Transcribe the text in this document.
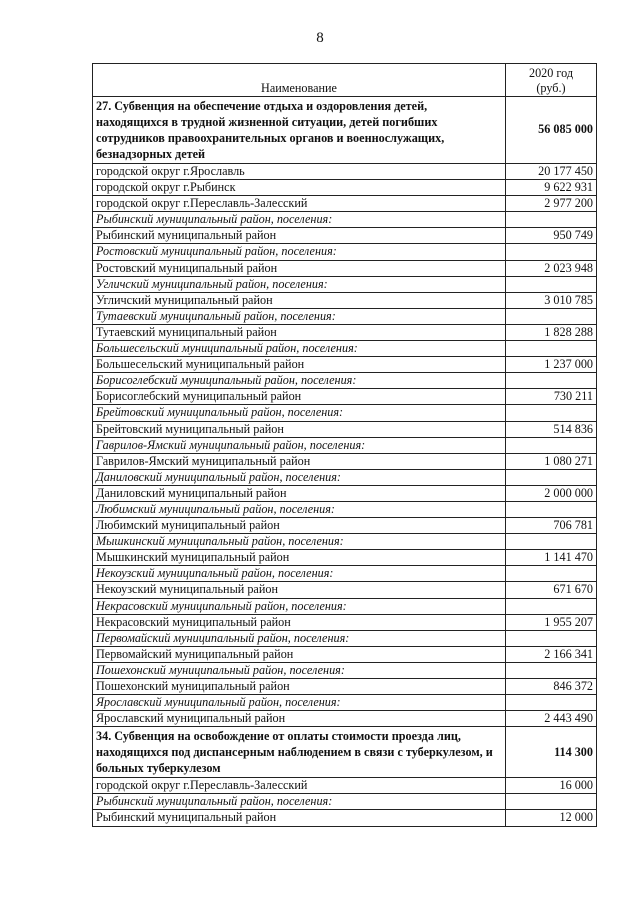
8
Наименование	2020 год
(руб.)
27. Субвенция на обеспечение отдыха и оздоровления детей, находящихся в трудной жизненной ситуации, детей погибших сотрудников правоохранительных органов и военнослужащих, безнадзорных детей	56 085 000
городской округ г.Ярославль	20 177 450
городской округ г.Рыбинск	9 622 931
городской округ г.Переславль-Залесский	2 977 200
Рыбинский муниципальный район, поселения:	
Рыбинский муниципальный район	950 749
Ростовский муниципальный район, поселения:	
Ростовский муниципальный район	2 023 948
Угличский муниципальный район, поселения:	
Угличский муниципальный район	3 010 785
Тутаевский муниципальный район, поселения:	
Тутаевский муниципальный район	1 828 288
Большесельский муниципальный район, поселения:	
Большесельский муниципальный район	1 237 000
Борисоглебский муниципальный район, поселения:	
Борисоглебский муниципальный район	730 211
Брейтовский муниципальный район, поселения:	
Брейтовский муниципальный район	514 836
Гаврилов-Ямский муниципальный район, поселения:	
Гаврилов-Ямский муниципальный район	1 080 271
Даниловский муниципальный район, поселения:	
Даниловский муниципальный район	2 000 000
Любимский муниципальный район, поселения:	
Любимский муниципальный район	706 781
Мышкинский муниципальный район, поселения:	
Мышкинский муниципальный район	1 141 470
Некоузский муниципальный район, поселения:	
Некоузский муниципальный район	671 670
Некрасовский муниципальный район, поселения:	
Некрасовский муниципальный район	1 955 207
Первомайский муниципальный район, поселения:	
Первомайский муниципальный район	2 166 341
Пошехонский муниципальный район, поселения:	
Пошехонский муниципальный район	846 372
Ярославский муниципальный район, поселения:	
Ярославский муниципальный район	2 443 490
34. Субвенция на освобождение от оплаты стоимости проезда лиц, находящихся под диспансерным наблюдением в связи с туберкулезом, и больных туберкулезом	114 300
городской округ г.Переславль-Залесский	16 000
Рыбинский муниципальный район, поселения:	
Рыбинский муниципальный район	12 000
